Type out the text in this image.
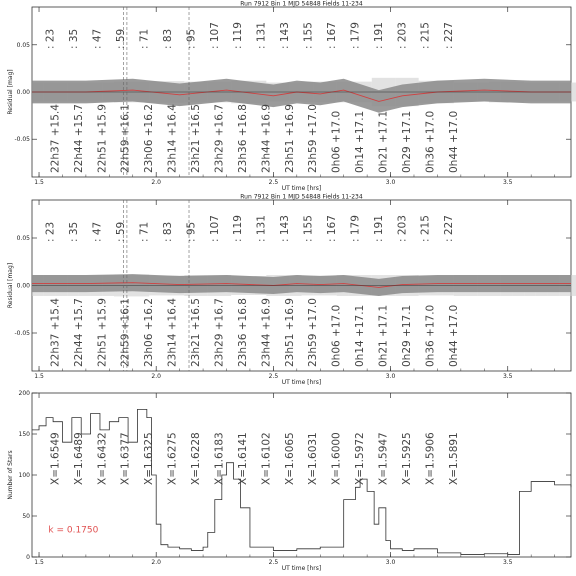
Run 7912 Bin 1 MJD 54848 Fields 11-234
1.5	2.0	2.5	3.0	3.5
UT time [hrs]
0.05
0.00
-0.05
Residual [mag]
: 23 : 35 : 47 : 59 : 71 : 83 : 95 : 107 : 119 : 131 : 143 : 155 : 167 : 179 : 191 : 203 : 215 : 227
22h37 +15.4 22h44 +15.7 22h51 +15.9 22h59 +16.1 23h06 +16.2 23h14 +16.4 23h21 +16.5 23h29 +16.7 23h36 +16.8 23h44 +16.9 23h51 +16.9 23h59 +17.0 0h06 +17.0 0h14 +17.1 0h21 +17.1 0h29 +17.1 0h36 +17.0 0h44 +17.0
Run 7912 Bin 1 MJD 54848 Fields 11-234
1.5	2.0	2.5	3.0	3.5
UT time [hrs]
0.05
0.00
-0.05
Residual [mag]
: 23 : 35 : 47 : 59 : 71 : 83 : 95 : 107 : 119 : 131 : 143 : 155 : 167 : 179 : 191 : 203 : 215 : 227
22h37 +15.4 22h44 +15.7 22h51 +15.9 22h59 +16.1 23h06 +16.2 23h14 +16.4 23h21 +16.5 23h29 +16.7 23h36 +16.8 23h44 +16.9 23h51 +16.9 23h59 +17.0 0h06 +17.0 0h14 +17.1 0h21 +17.1 0h29 +17.1 0h36 +17.0 0h44 +17.0
1.5	2.0	2.5	3.0	3.5
UT time [hrs]
0
50
100
150
200
Number of Stars	X=1.6549 X=1.6489 X=1.6432 X=1.6377 X=1.6325 X=1.6275 X=1.6228 X=1.6183 X=1.6141 X=1.6102 X=1.6065 X=1.6031 X=1.6000 X=1.5972 X=1.5947 X=1.5925 X=1.5906 X=1.5891
k = 0.1750
